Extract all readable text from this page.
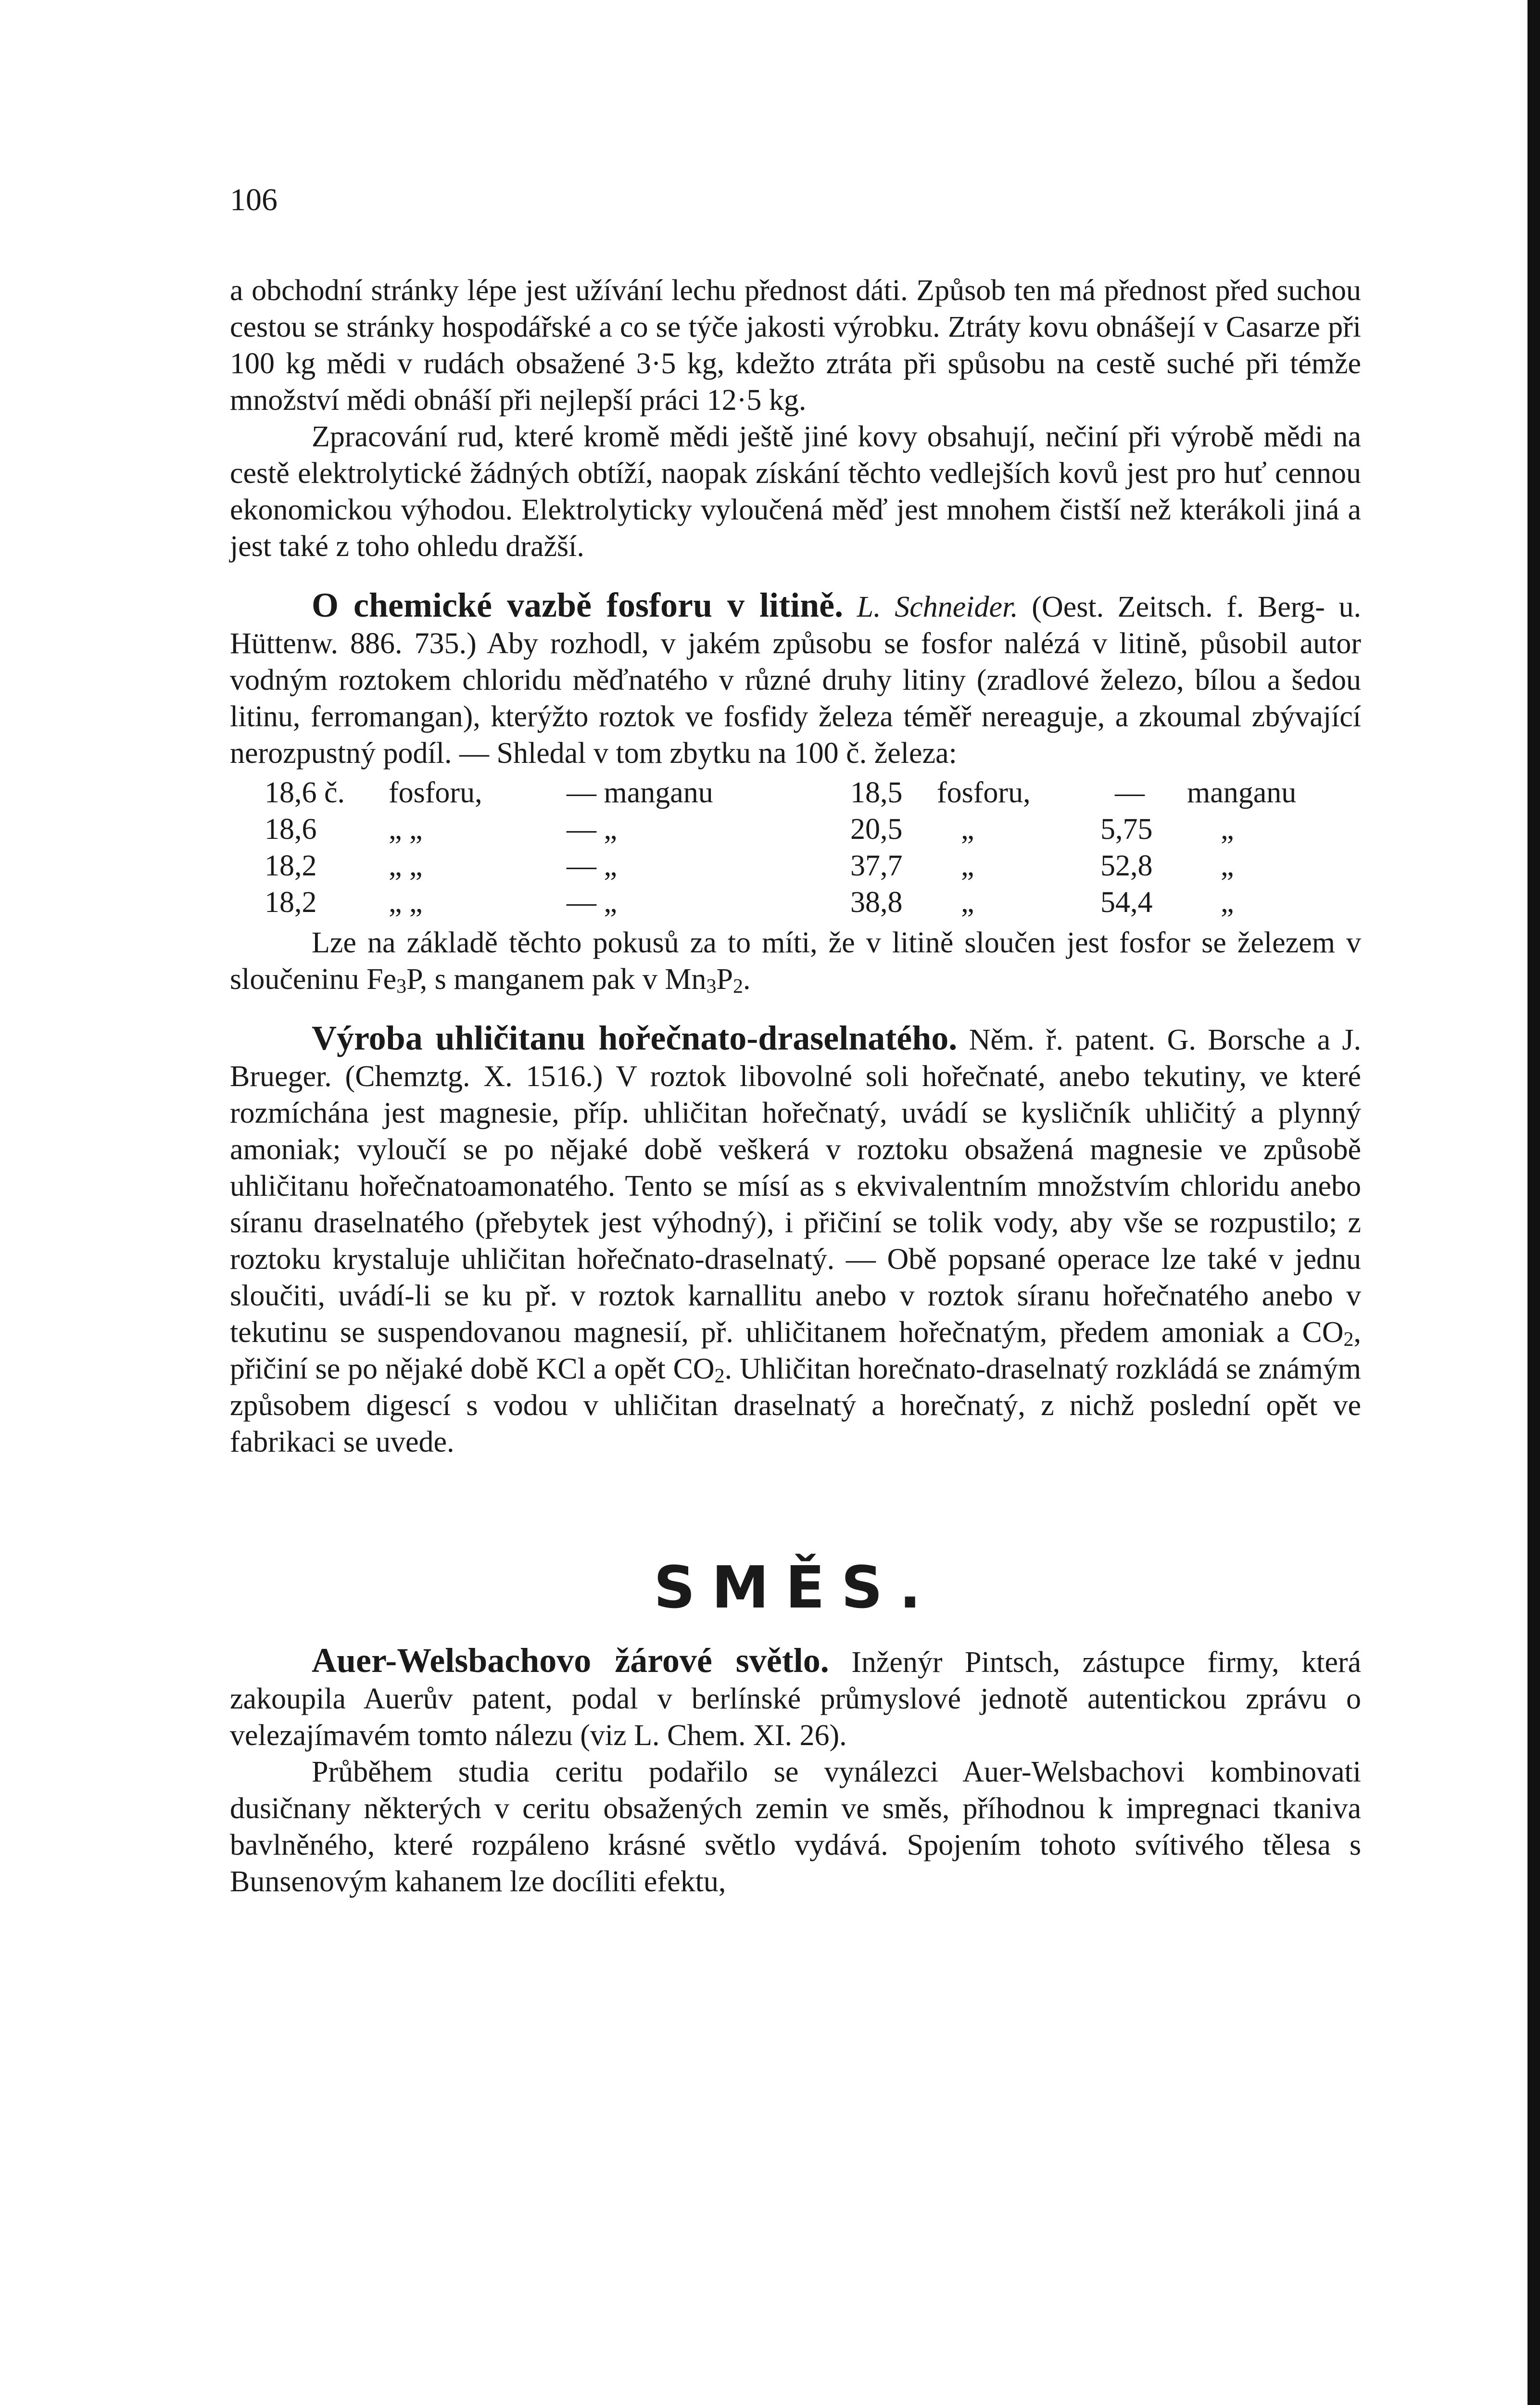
106

a obchodní stránky lépe jest užívání lechu přednost dáti. Způsob ten má přednost před suchou cestou se stránky hospodářské a co se týče jakosti výrobku. Ztráty kovu obnášejí v Casarze při 100 kg mědi v rudách obsažené 3·5 kg, kdežto ztráta při spůsobu na cestě suché při témže množství mědi obnáší při nejlepší práci 12·5 kg.

Zpracování rud, které kromě mědi ještě jiné kovy obsahují, nečiní při výrobě mědi na cestě elektrolytické žádných obtíží, naopak získání těchto vedlejších kovů jest pro huť cennou ekonomickou výhodou. Elektrolyticky vyloučená měď jest mnohem čistší než kterákoli jiná a jest také z toho ohledu dražší.

O chemické vazbě fosforu v litině. L. Schneider. (Oest. Zeitsch. f. Berg- u. Hüttenw. 886. 735.) Aby rozhodl, v jakém způsobu se fosfor nalézá v litině, působil autor vodným roztokem chloridu měďnatého v různé druhy litiny (zradlové železo, bílou a šedou litinu, ferromangan), kterýžto roztok ve fosfidy železa téměř nereaguje, a zkoumal zbývající nerozpustný podíl. — Shledal v tom zbytku na 100 č. železa:

18,6 č. fosforu,	— manganu	18,5 fosforu,	— manganu
18,6 „ „	— „	20,5 „	5,75 „
18,2 „ „	— „	37,7 „	52,8 „
18,2 „ „	— „	38,8 „	54,4 „

Lze na základě těchto pokusů za to míti, že v litině sloučen jest fosfor se železem v sloučeninu $Fe_3P$, s manganem pak v $Mn_3P_2$.

Výroba uhličitanu hořečnato-draselnatého. Něm. ř. patent. G. Borsche a J. Brueger. (Chemztg. X. 1516.) V roztok libovolné soli hořečnaté, anebo tekutiny, ve které rozmíchána jest magnesie, příp. uhličitan hořečnatý, uvádí se kysličník uhličitý a plynný amoniak; vyloučí se po nějaké době veškerá v roztoku obsažená magnesie ve způsobě uhličitanu hořečnatoamonatého. Tento se mísí as s ekvivalentním množstvím chloridu anebo síranu draselnatého (přebytek jest výhodný), i přičiní se tolik vody, aby vše se rozpustilo; z roztoku krystaluje uhličitan hořečnato-draselnatý. — Obě popsané operace lze také v jednu sloučiti, uvádí-li se ku př. v roztok karnallitu anebo v roztok síranu hořečnatého anebo v tekutinu se suspendovanou magnesií, př. uhličitanem hořečnatým, předem amoniak a $CO_2$, přičiní se po nějaké době KCl a opět $CO_2$. Uhličitan horečnato-draselnatý rozkládá se známým způsobem digescí s vodou v uhličitan draselnatý a horečnatý, z nichž poslední opět ve fabrikaci se uvede.

SMĚS.

Auer-Welsbachovo žárové světlo. Inženýr Pintsch, zástupce firmy, která zakoupila Auerův patent, podal v berlínské průmyslové jednotě autentickou zprávu o velezajímavém tomto nálezu (viz L. Chem. XI. 26).

Průběhem studia ceritu podařilo se vynálezci Auer-Welsbachovi kombinovati dusičnany některých v ceritu obsažených zemin ve směs, příhodnou k impregnaci tkaniva bavlněného, které rozpáleno krásné světlo vydává. Spojením tohoto svítivého tělesa s Bunsenovým kahanem lze docíliti efektu,
